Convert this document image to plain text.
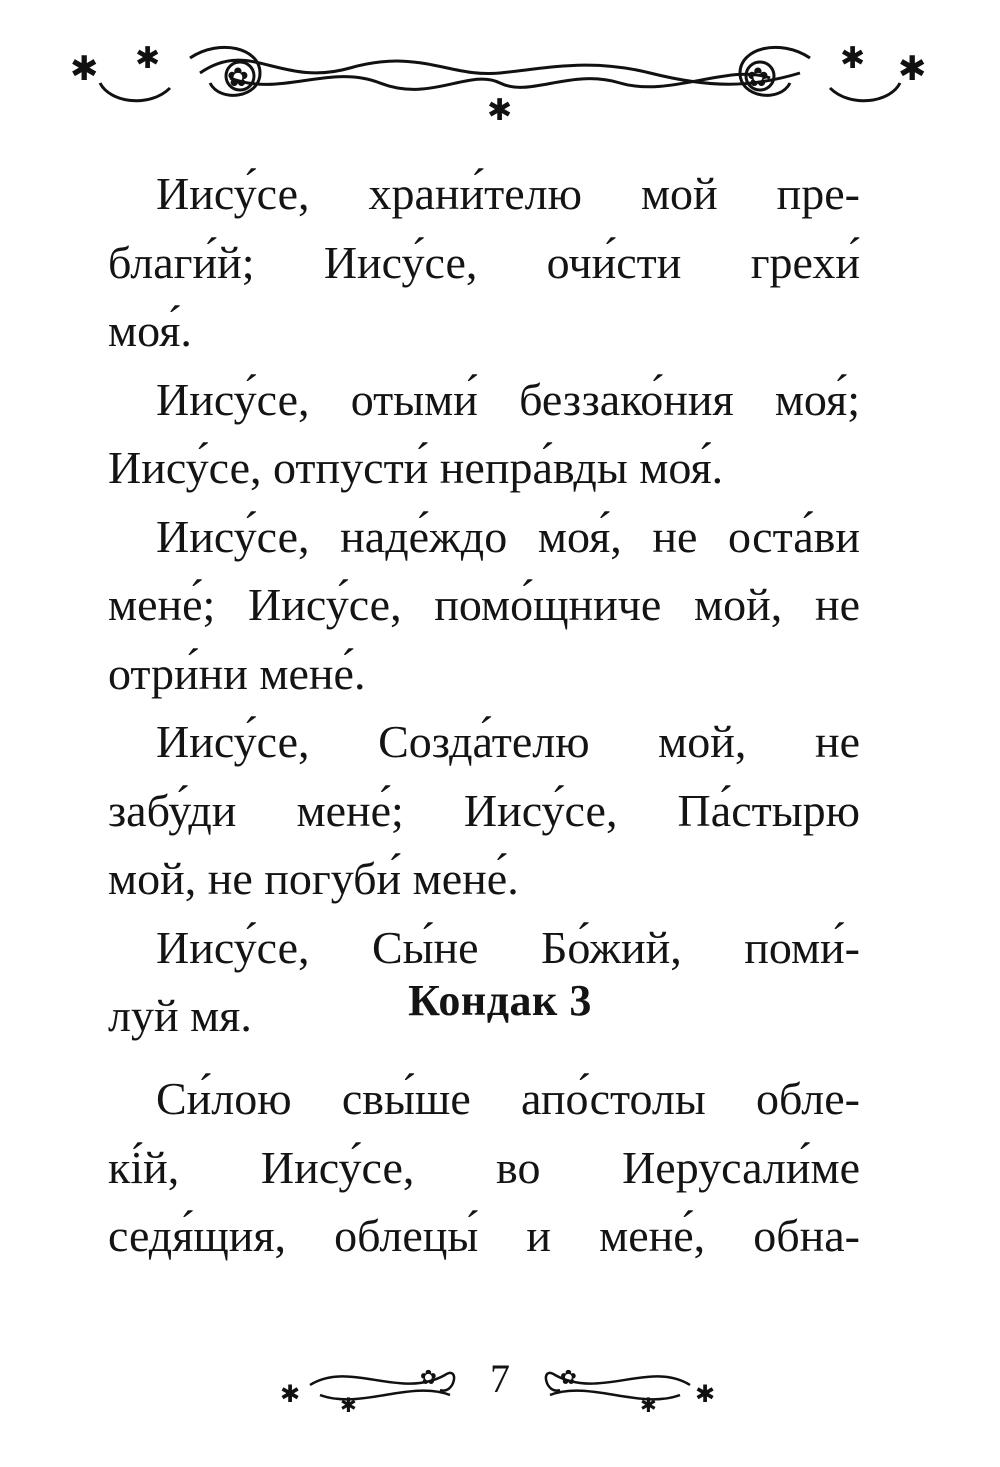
✱ ✱
✱
✱ ✱
✿	✿

Иису́се, храни́телю мой пре-
благи́й; Иису́се, очи́сти грехи́
моя́.

Иису́се, отыми́ беззако́ния моя́;
Иису́се, отпусти́ непра́вды моя́.

Иису́се, наде́ждо моя́, не оста́ви
мене́; Иису́се, помо́щниче мой, не
отри́ни мене́.

Иису́се, Созда́телю мой, не
забу́ди мене́; Иису́се, Па́стырю
мой, не погуби́ мене́.

Иису́се, Сы́не Бо́жий, поми́-
луй мя.	Кондак 3

Си́лою свы́ше апо́столы обле-
кі́й, Иису́се, во Иерусали́ме
седя́щия, облецы́ и мене́, обна-

✱ ✱
✿	✿
✱ ✱
7
